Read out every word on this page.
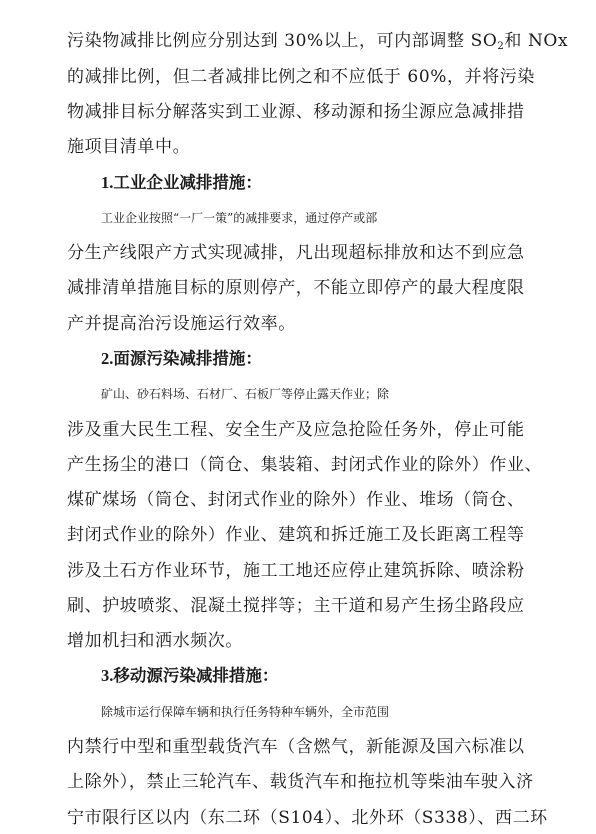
污染物减排比例应分别达到 30%以上，可内部调整 $SO_2$和 NOx
的减排比例，但二者减排比例之和不应低于 60%，并将污染
物减排目标分解落实到工业源、移动源和扬尘源应急减排措
施项目清单中。
1.工业企业减排措施：
工业企业按照“一厂一策”的减排要求，通过停产或部
分生产线限产方式实现减排，凡出现超标排放和达不到应急
减排清单措施目标的原则停产，不能立即停产的最大程度限
产并提高治污设施运行效率。
2.面源污染减排措施：
矿山、砂石料场、石材厂、石板厂等停止露天作业；除
涉及重大民生工程、安全生产及应急抢险任务外，停止可能
产生扬尘的港口（筒仓、集装箱、封闭式作业的除外）作业、
煤矿煤场（筒仓、封闭式作业的除外）作业、堆场（筒仓、
封闭式作业的除外）作业、建筑和拆迁施工及长距离工程等
涉及土石方作业环节，施工工地还应停止建筑拆除、喷涂粉
刷、护坡喷浆、混凝土搅拌等；主干道和易产生扬尘路段应
增加机扫和洒水频次。
3.移动源污染减排措施：
除城市运行保障车辆和执行任务特种车辆外，全市范围
内禁行中型和重型载货汽车（含燃气，新能源及国六标准以
上除外），禁止三轮汽车、载货汽车和拖拉机等柴油车驶入济
宁市限行区以内（东二环（S104）、北外环（S338）、西二环
